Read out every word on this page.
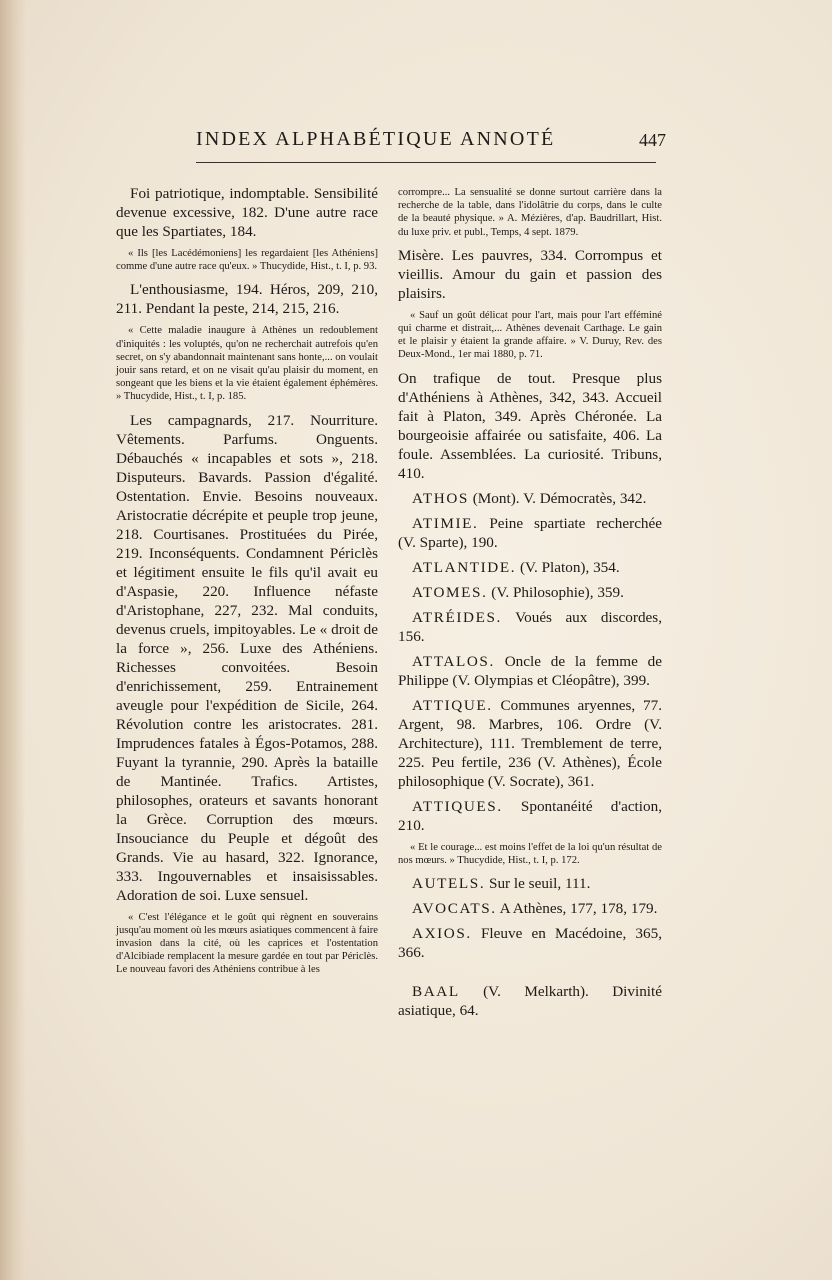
INDEX ALPHABÉTIQUE ANNOTÉ	447

Foi patriotique, indomptable. Sensibilité devenue excessive, 182. D'une autre race que les Spartiates, 184.

« Ils [les Lacédémoniens] les regardaient [les Athéniens] comme d'une autre race qu'eux. » Thucydide, Hist., t. I, p. 93.

L'enthousiasme, 194. Héros, 209, 210, 211. Pendant la peste, 214, 215, 216.

« Cette maladie inaugure à Athènes un redoublement d'iniquités : les voluptés, qu'on ne recherchait autrefois qu'en secret, on s'y abandonnait maintenant sans honte,... on voulait jouir sans retard, et on ne visait qu'au plaisir du moment, en songeant que les biens et la vie étaient également éphémères. » Thucydide, Hist., t. I, p. 185.

Les campagnards, 217. Nourriture. Vêtements. Parfums. Onguents. Débauchés « incapables et sots », 218. Disputeurs. Bavards. Passion d'égalité. Ostentation. Envie. Besoins nouveaux. Aristocratie décrépite et peuple trop jeune, 218. Courtisanes. Prostituées du Pirée, 219. Inconséquents. Condamnent Périclès et légitiment ensuite le fils qu'il avait eu d'Aspasie, 220. Influence néfaste d'Aristophane, 227, 232. Mal conduits, devenus cruels, impitoyables. Le « droit de la force », 256. Luxe des Athéniens. Richesses convoitées. Besoin d'enrichissement, 259. Entrainement aveugle pour l'expédition de Sicile, 264. Révolution contre les aristocrates. 281. Imprudences fatales à Égos-Potamos, 288. Fuyant la tyrannie, 290. Après la bataille de Mantinée. Trafics. Artistes, philosophes, orateurs et savants honorant la Grèce. Corruption des mœurs. Insouciance du Peuple et dégoût des Grands. Vie au hasard, 322. Ignorance, 333. Ingouvernables et insaisissables. Adoration de soi. Luxe sensuel.

« C'est l'élégance et le goût qui règnent en souverains jusqu'au moment où les mœurs asiatiques commencent à faire invasion dans la cité, où les caprices et l'ostentation d'Alcibiade remplacent la mesure gardée en tout par Périclès. Le nouveau favori des Athéniens contribue à les

corrompre... La sensualité se donne surtout carrière dans la recherche de la table, dans l'idolâtrie du corps, dans le culte de la beauté physique. » A. Mézières, d'ap. Baudrillart, Hist. du luxe priv. et publ., Temps, 4 sept. 1879.

Misère. Les pauvres, 334. Corrompus et vieillis. Amour du gain et passion des plaisirs.

« Sauf un goût délicat pour l'art, mais pour l'art efféminé qui charme et distrait,... Athènes devenait Carthage. Le gain et le plaisir y étaient la grande affaire. » V. Duruy, Rev. des Deux-Mond., 1er mai 1880, p. 71.

On trafique de tout. Presque plus d'Athéniens à Athènes, 342, 343. Accueil fait à Platon, 349. Après Chéronée. La bourgeoisie affairée ou satisfaite, 406. La foule. Assemblées. La curiosité. Tribuns, 410.

ATHOS (Mont). V. Démocratès, 342.

ATIMIE. Peine spartiate recherchée (V. Sparte), 190.

ATLANTIDE. (V. Platon), 354.

ATOMES. (V. Philosophie), 359.

ATRÉIDES. Voués aux discordes, 156.

ATTALOS. Oncle de la femme de Philippe (V. Olympias et Cléopâtre), 399.

ATTIQUE. Communes aryennes, 77. Argent, 98. Marbres, 106. Ordre (V. Architecture), 111. Tremblement de terre, 225. Peu fertile, 236 (V. Athènes), École philosophique (V. Socrate), 361.

ATTIQUES. Spontanéité d'action, 210.

« Et le courage... est moins l'effet de la loi qu'un résultat de nos mœurs. » Thucydide, Hist., t. I, p. 172.

AUTELS. Sur le seuil, 111.

AVOCATS. A Athènes, 177, 178, 179.

AXIOS. Fleuve en Macédoine, 365, 366.

BAAL (V. Melkarth). Divinité asiatique, 64.
